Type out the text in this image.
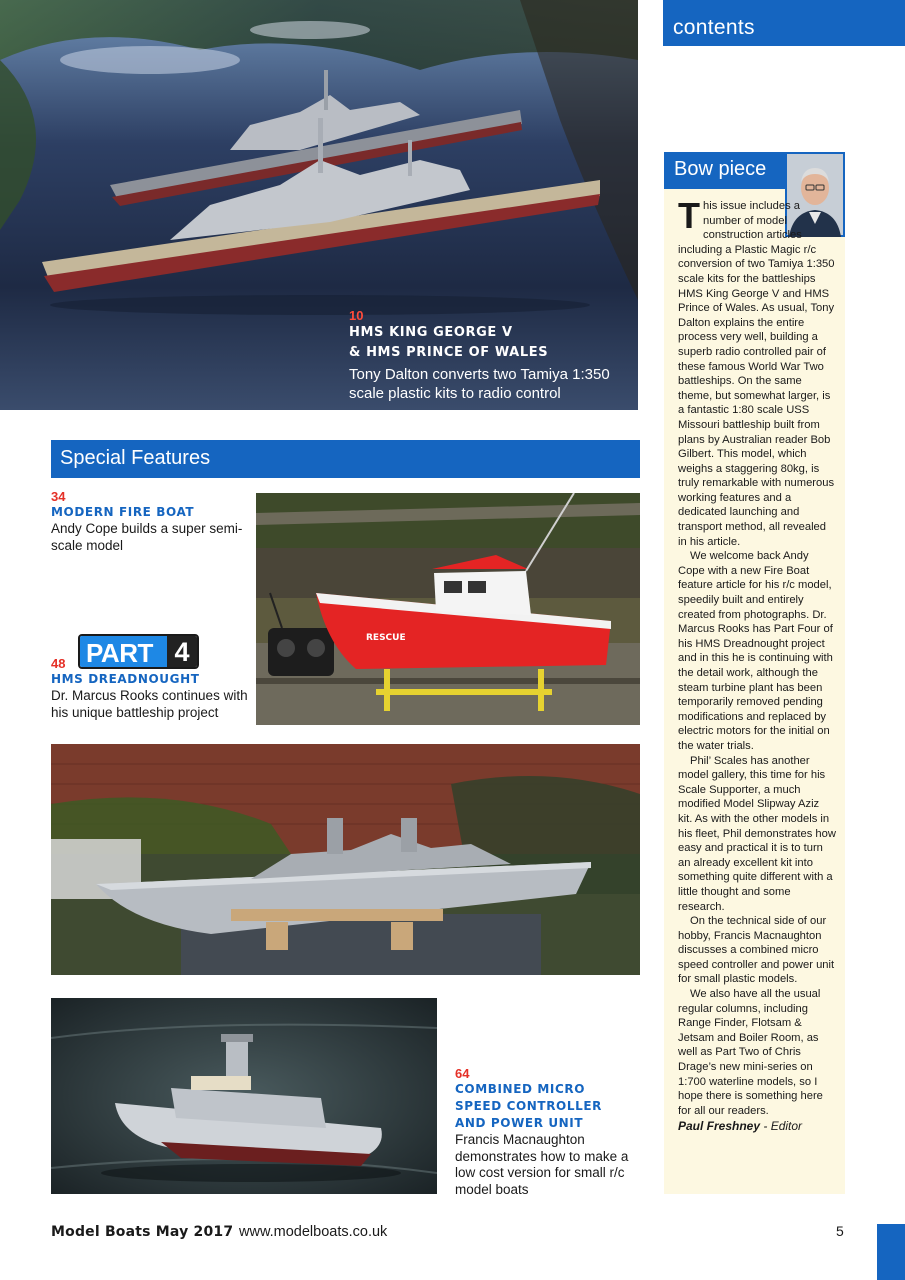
contents
10
HMS KING GEORGE V
& HMS PRINCE OF WALES
Tony Dalton converts two Tamiya 1:350 scale plastic kits to radio control
Special Features
34
MODERN FIRE BOAT
Andy Cope builds a super semi-scale model
RESCUE
PART 4
48
HMS DREADNOUGHT
Dr. Marcus Rooks continues with his unique battleship project
64
COMBINED MICRO
SPEED CONTROLLER
AND POWER UNIT
Francis Macnaughton demonstrates how to make a low cost version for small r/c model boats
Bow piece

This issue includes a number of model construction articles including a Plastic Magic r/c conversion of two Tamiya 1:350 scale kits for the battleships HMS King George V and HMS Prince of Wales. As usual, Tony Dalton explains the entire process very well, building a superb radio controlled pair of these famous World War Two battleships. On the same theme, but somewhat larger, is a fantastic 1:80 scale USS Missouri battleship built from plans by Australian reader Bob Gilbert. This model, which weighs a staggering 80kg, is truly remarkable with numerous working features and a dedicated launching and transport method, all revealed in his article.

We welcome back Andy Cope with a new Fire Boat feature article for his r/c model, speedily built and entirely created from photographs. Dr. Marcus Rooks has Part Four of his HMS Dreadnought project and in this he is continuing with the detail work, although the steam turbine plant has been temporarily removed pending modifications and replaced by electric motors for the initial on the water trials.

Phil’ Scales has another model gallery, this time for his Scale Supporter, a much modified Model Slipway Aziz kit. As with the other models in his fleet, Phil demonstrates how easy and practical it is to turn an already excellent kit into something quite different with a little thought and some research.

On the technical side of our hobby, Francis Macnaughton discusses a combined micro speed controller and power unit for small plastic models.

We also have all the usual regular columns, including Range Finder, Flotsam & Jetsam and Boiler Room, as well as Part Two of Chris Drage’s new mini-series on 1:700 waterline models, so I hope there is something here for all our readers.

Paul Freshney - Editor
Model Boats May 2017 www.modelboats.co.uk	5
